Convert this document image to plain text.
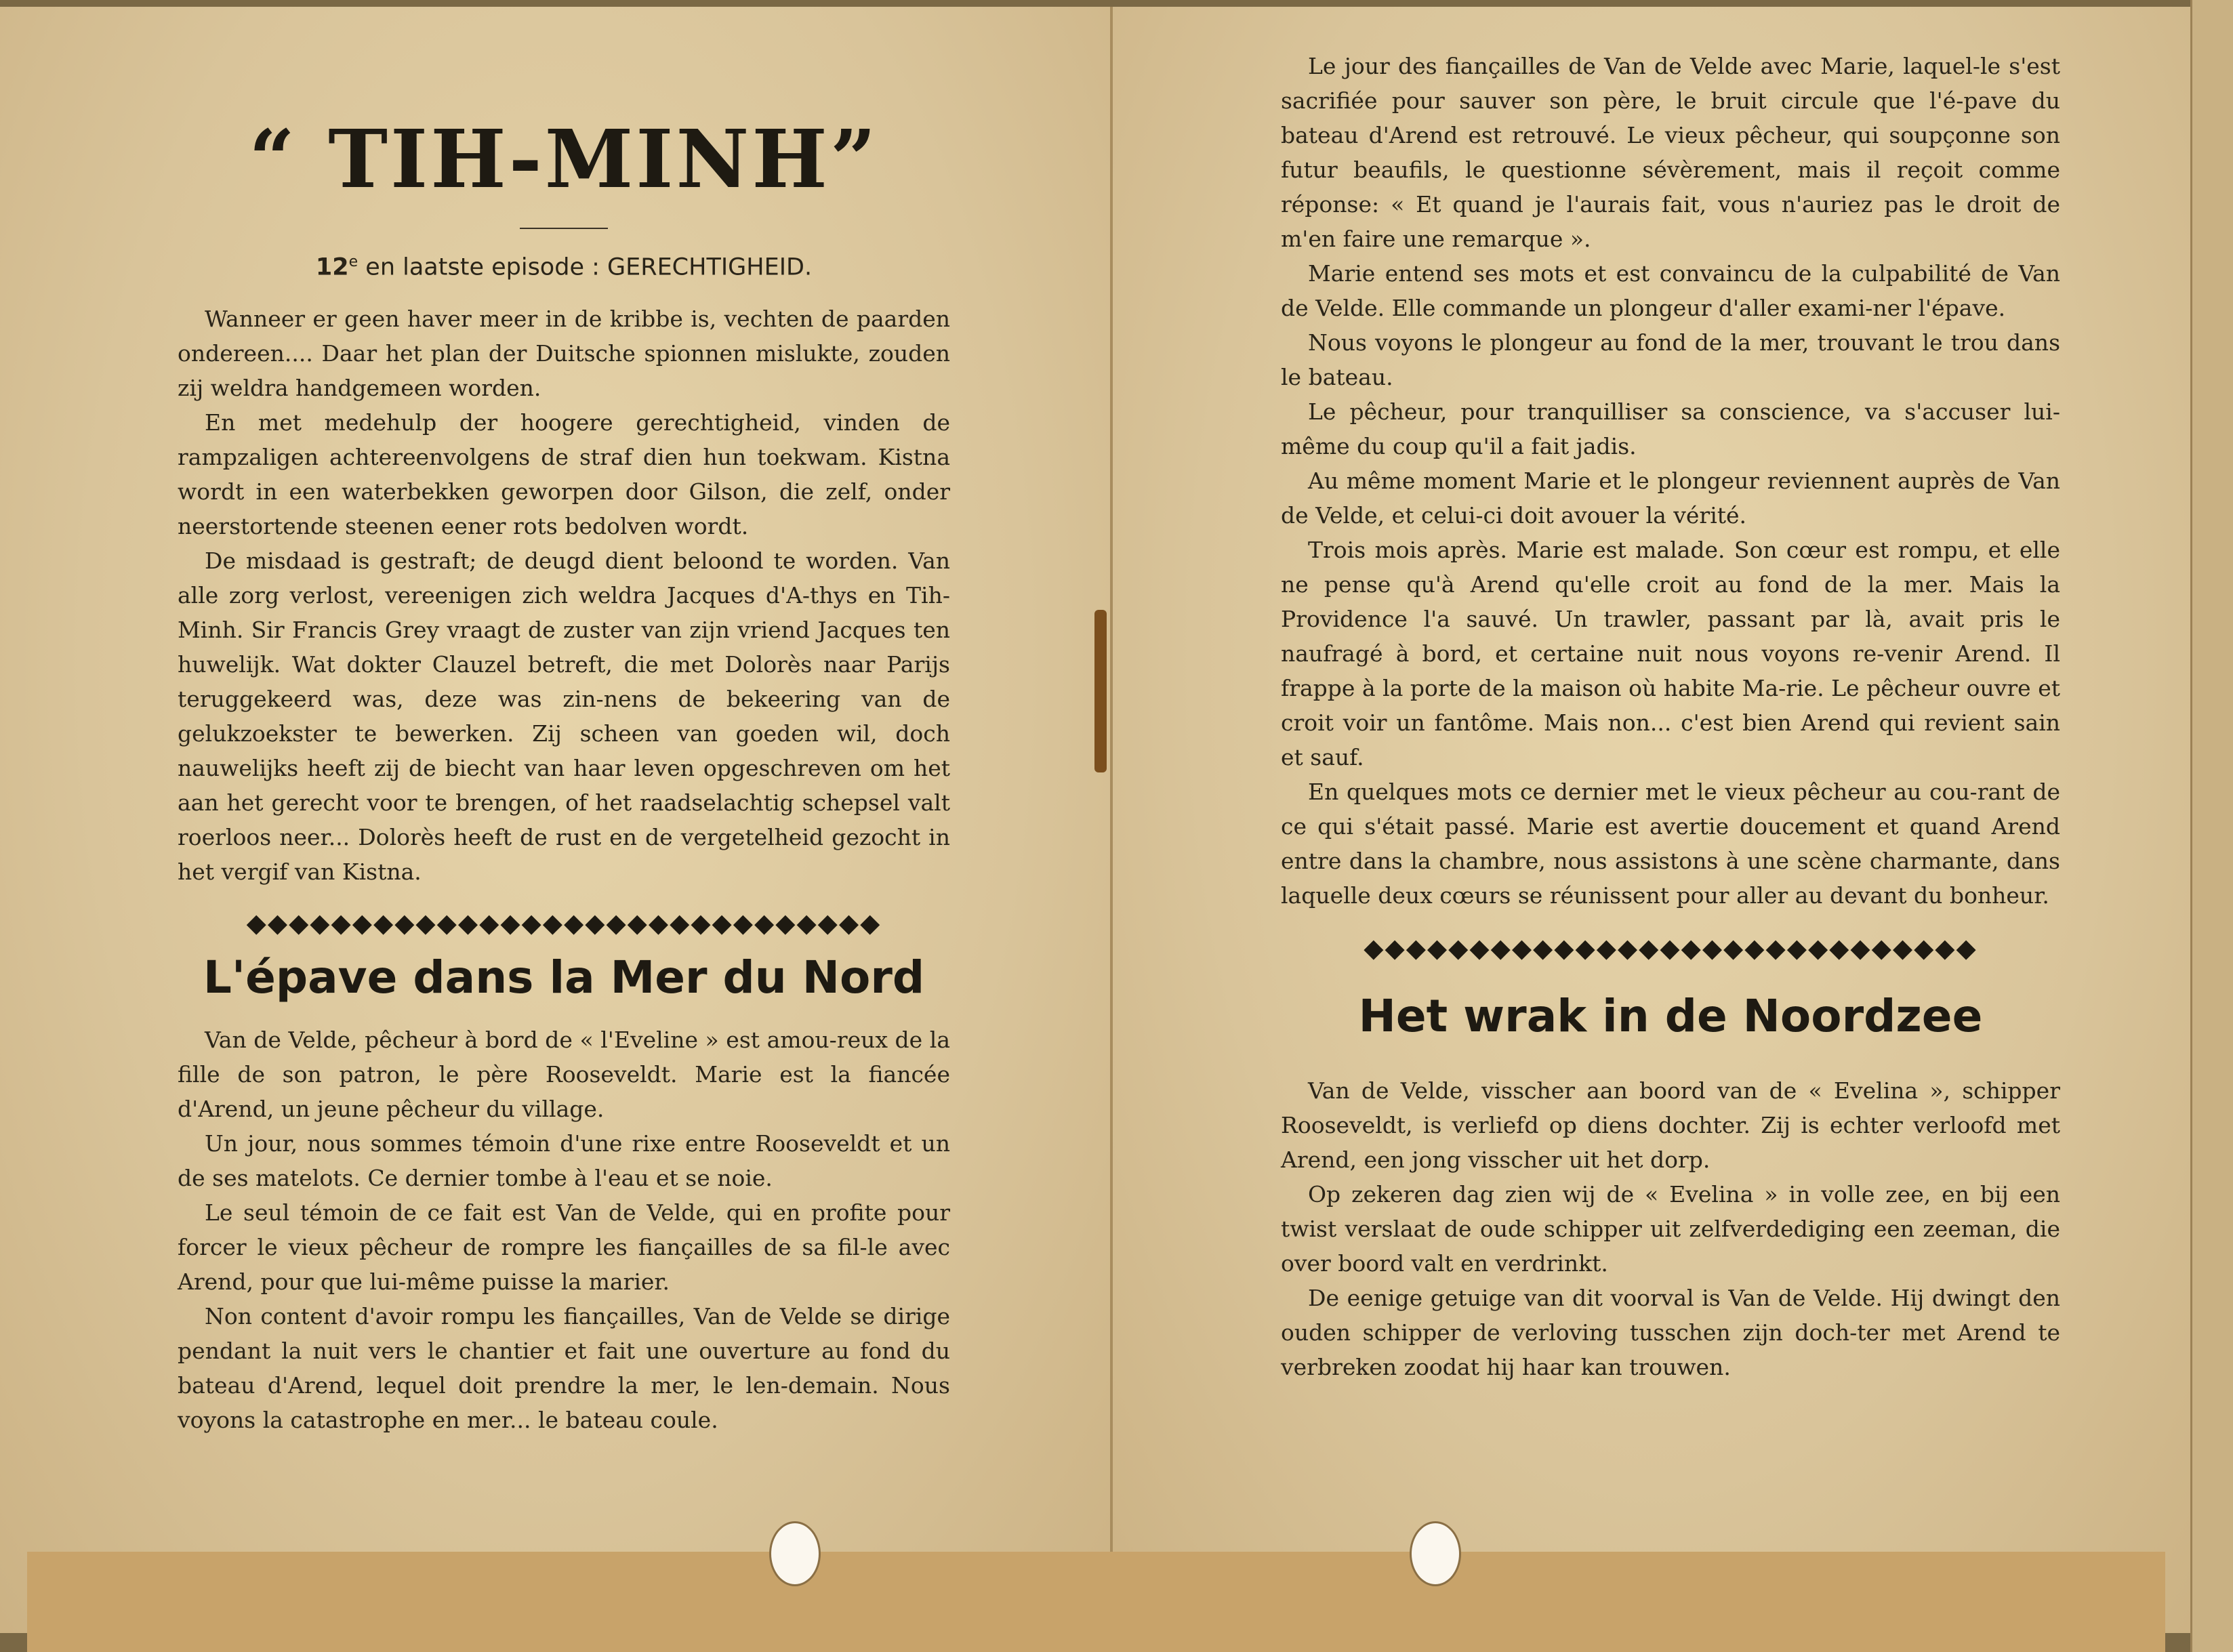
“ TIH-MINH”
12e en laatste episode : GERECHTIGHEID.

Wanneer er geen haver meer in de kribbe is, vechten de paarden ondereen.... Daar het plan der Duitsche spionnen mislukte, zouden zij weldra handgemeen worden.

En met medehulp der hoogere gerechtigheid, vinden de rampzaligen achtereenvolgens de straf dien hun toekwam. Kistna wordt in een waterbekken geworpen door Gilson, die zelf, onder neerstortende steenen eener rots bedolven wordt.

De misdaad is gestraft; de deugd dient beloond te worden. Van alle zorg verlost, vereenigen zich weldra Jacques d'A-thys en Tih-Minh. Sir Francis Grey vraagt de zuster van zijn vriend Jacques ten huwelijk. Wat dokter Clauzel betreft, die met Dolorès naar Parijs teruggekeerd was, deze was zin-nens de bekeering van de gelukzoekster te bewerken. Zij scheen van goeden wil, doch nauwelijks heeft zij de biecht van haar leven opgeschreven om het aan het gerecht voor te brengen, of het raadselachtig schepsel valt roerloos neer... Dolorès heeft de rust en de vergetelheid gezocht in het vergif van Kistna.

◆◆◆◆◆◆◆◆◆◆◆◆◆◆◆◆◆◆◆◆◆◆◆◆◆◆◆◆◆◆
L'épave dans la Mer du Nord

Van de Velde, pêcheur à bord de « l'Eveline » est amou-reux de la fille de son patron, le père Rooseveldt. Marie est la fiancée d'Arend, un jeune pêcheur du village.

Un jour, nous sommes témoin d'une rixe entre Rooseveldt et un de ses matelots. Ce dernier tombe à l'eau et se noie.

Le seul témoin de ce fait est Van de Velde, qui en profite pour forcer le vieux pêcheur de rompre les fiançailles de sa fil-le avec Arend, pour que lui-même puisse la marier.

Non content d'avoir rompu les fiançailles, Van de Velde se dirige pendant la nuit vers le chantier et fait une ouverture au fond du bateau d'Arend, lequel doit prendre la mer, le len-demain. Nous voyons la catastrophe en mer... le bateau coule.

Le jour des fiançailles de Van de Velde avec Marie, laquel-le s'est sacrifiée pour sauver son père, le bruit circule que l'é-pave du bateau d'Arend est retrouvé. Le vieux pêcheur, qui soupçonne son futur beaufils, le questionne sévèrement, mais il reçoit comme réponse: « Et quand je l'aurais fait, vous n'auriez pas le droit de m'en faire une remarque ».

Marie entend ses mots et est convaincu de la culpabilité de Van de Velde. Elle commande un plongeur d'aller exami-ner l'épave.

Nous voyons le plongeur au fond de la mer, trouvant le trou dans le bateau.

Le pêcheur, pour tranquilliser sa conscience, va s'accuser lui-même du coup qu'il a fait jadis.

Au même moment Marie et le plongeur reviennent auprès de Van de Velde, et celui-ci doit avouer la vérité.

Trois mois après. Marie est malade. Son cœur est rompu, et elle ne pense qu'à Arend qu'elle croit au fond de la mer. Mais la Providence l'a sauvé. Un trawler, passant par là, avait pris le naufragé à bord, et certaine nuit nous voyons re-venir Arend. Il frappe à la porte de la maison où habite Ma-rie. Le pêcheur ouvre et croit voir un fantôme. Mais non... c'est bien Arend qui revient sain et sauf.

En quelques mots ce dernier met le vieux pêcheur au cou-rant de ce qui s'était passé. Marie est avertie doucement et quand Arend entre dans la chambre, nous assistons à une scène charmante, dans laquelle deux cœurs se réunissent pour aller au devant du bonheur.

◆◆◆◆◆◆◆◆◆◆◆◆◆◆◆◆◆◆◆◆◆◆◆◆◆◆◆◆◆
Het wrak in de Noordzee

Van de Velde, visscher aan boord van de « Evelina », schipper Rooseveldt, is verliefd op diens dochter. Zij is echter verloofd met Arend, een jong visscher uit het dorp.

Op zekeren dag zien wij de « Evelina » in volle zee, en bij een twist verslaat de oude schipper uit zelfverdediging een zeeman, die over boord valt en verdrinkt.

De eenige getuige van dit voorval is Van de Velde. Hij dwingt den ouden schipper de verloving tusschen zijn doch-ter met Arend te verbreken zoodat hij haar kan trouwen.
